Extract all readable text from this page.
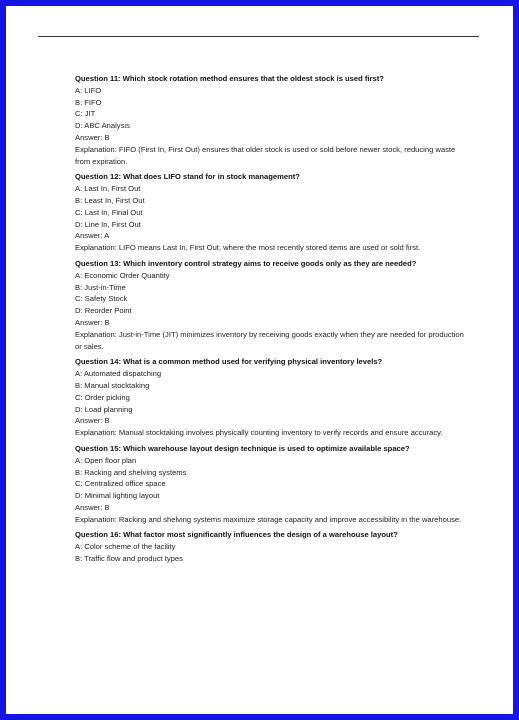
Question 11: Which stock rotation method ensures that the oldest stock is used first?
A: LIFO
B: FIFO
C: JIT
D: ABC Analysis
Answer: B
Explanation: FIFO (First In, First Out) ensures that older stock is used or sold before newer stock, reducing waste from expiration.
Question 12: What does LIFO stand for in stock management?
A: Last In, First Out
B: Least In, First Out
C: Last In, Final Out
D: Line In, First Out
Answer: A
Explanation: LIFO means Last In, First Out, where the most recently stored items are used or sold first.
Question 13: Which inventory control strategy aims to receive goods only as they are needed?
A: Economic Order Quantity
B: Just-in-Time
C: Safety Stock
D: Reorder Point
Answer: B
Explanation: Just-in-Time (JIT) minimizes inventory by receiving goods exactly when they are needed for production or sales.
Question 14: What is a common method used for verifying physical inventory levels?
A: Automated dispatching
B: Manual stocktaking
C: Order picking
D: Load planning
Answer: B
Explanation: Manual stocktaking involves physically counting inventory to verify records and ensure accuracy.
Question 15: Which warehouse layout design technique is used to optimize available space?
A: Open floor plan
B: Racking and shelving systems
C: Centralized office space
D: Minimal lighting layout
Answer: B
Explanation: Racking and shelving systems maximize storage capacity and improve accessibility in the warehouse.
Question 16: What factor most significantly influences the design of a warehouse layout?
A: Color scheme of the facility
B: Traffic flow and product types
